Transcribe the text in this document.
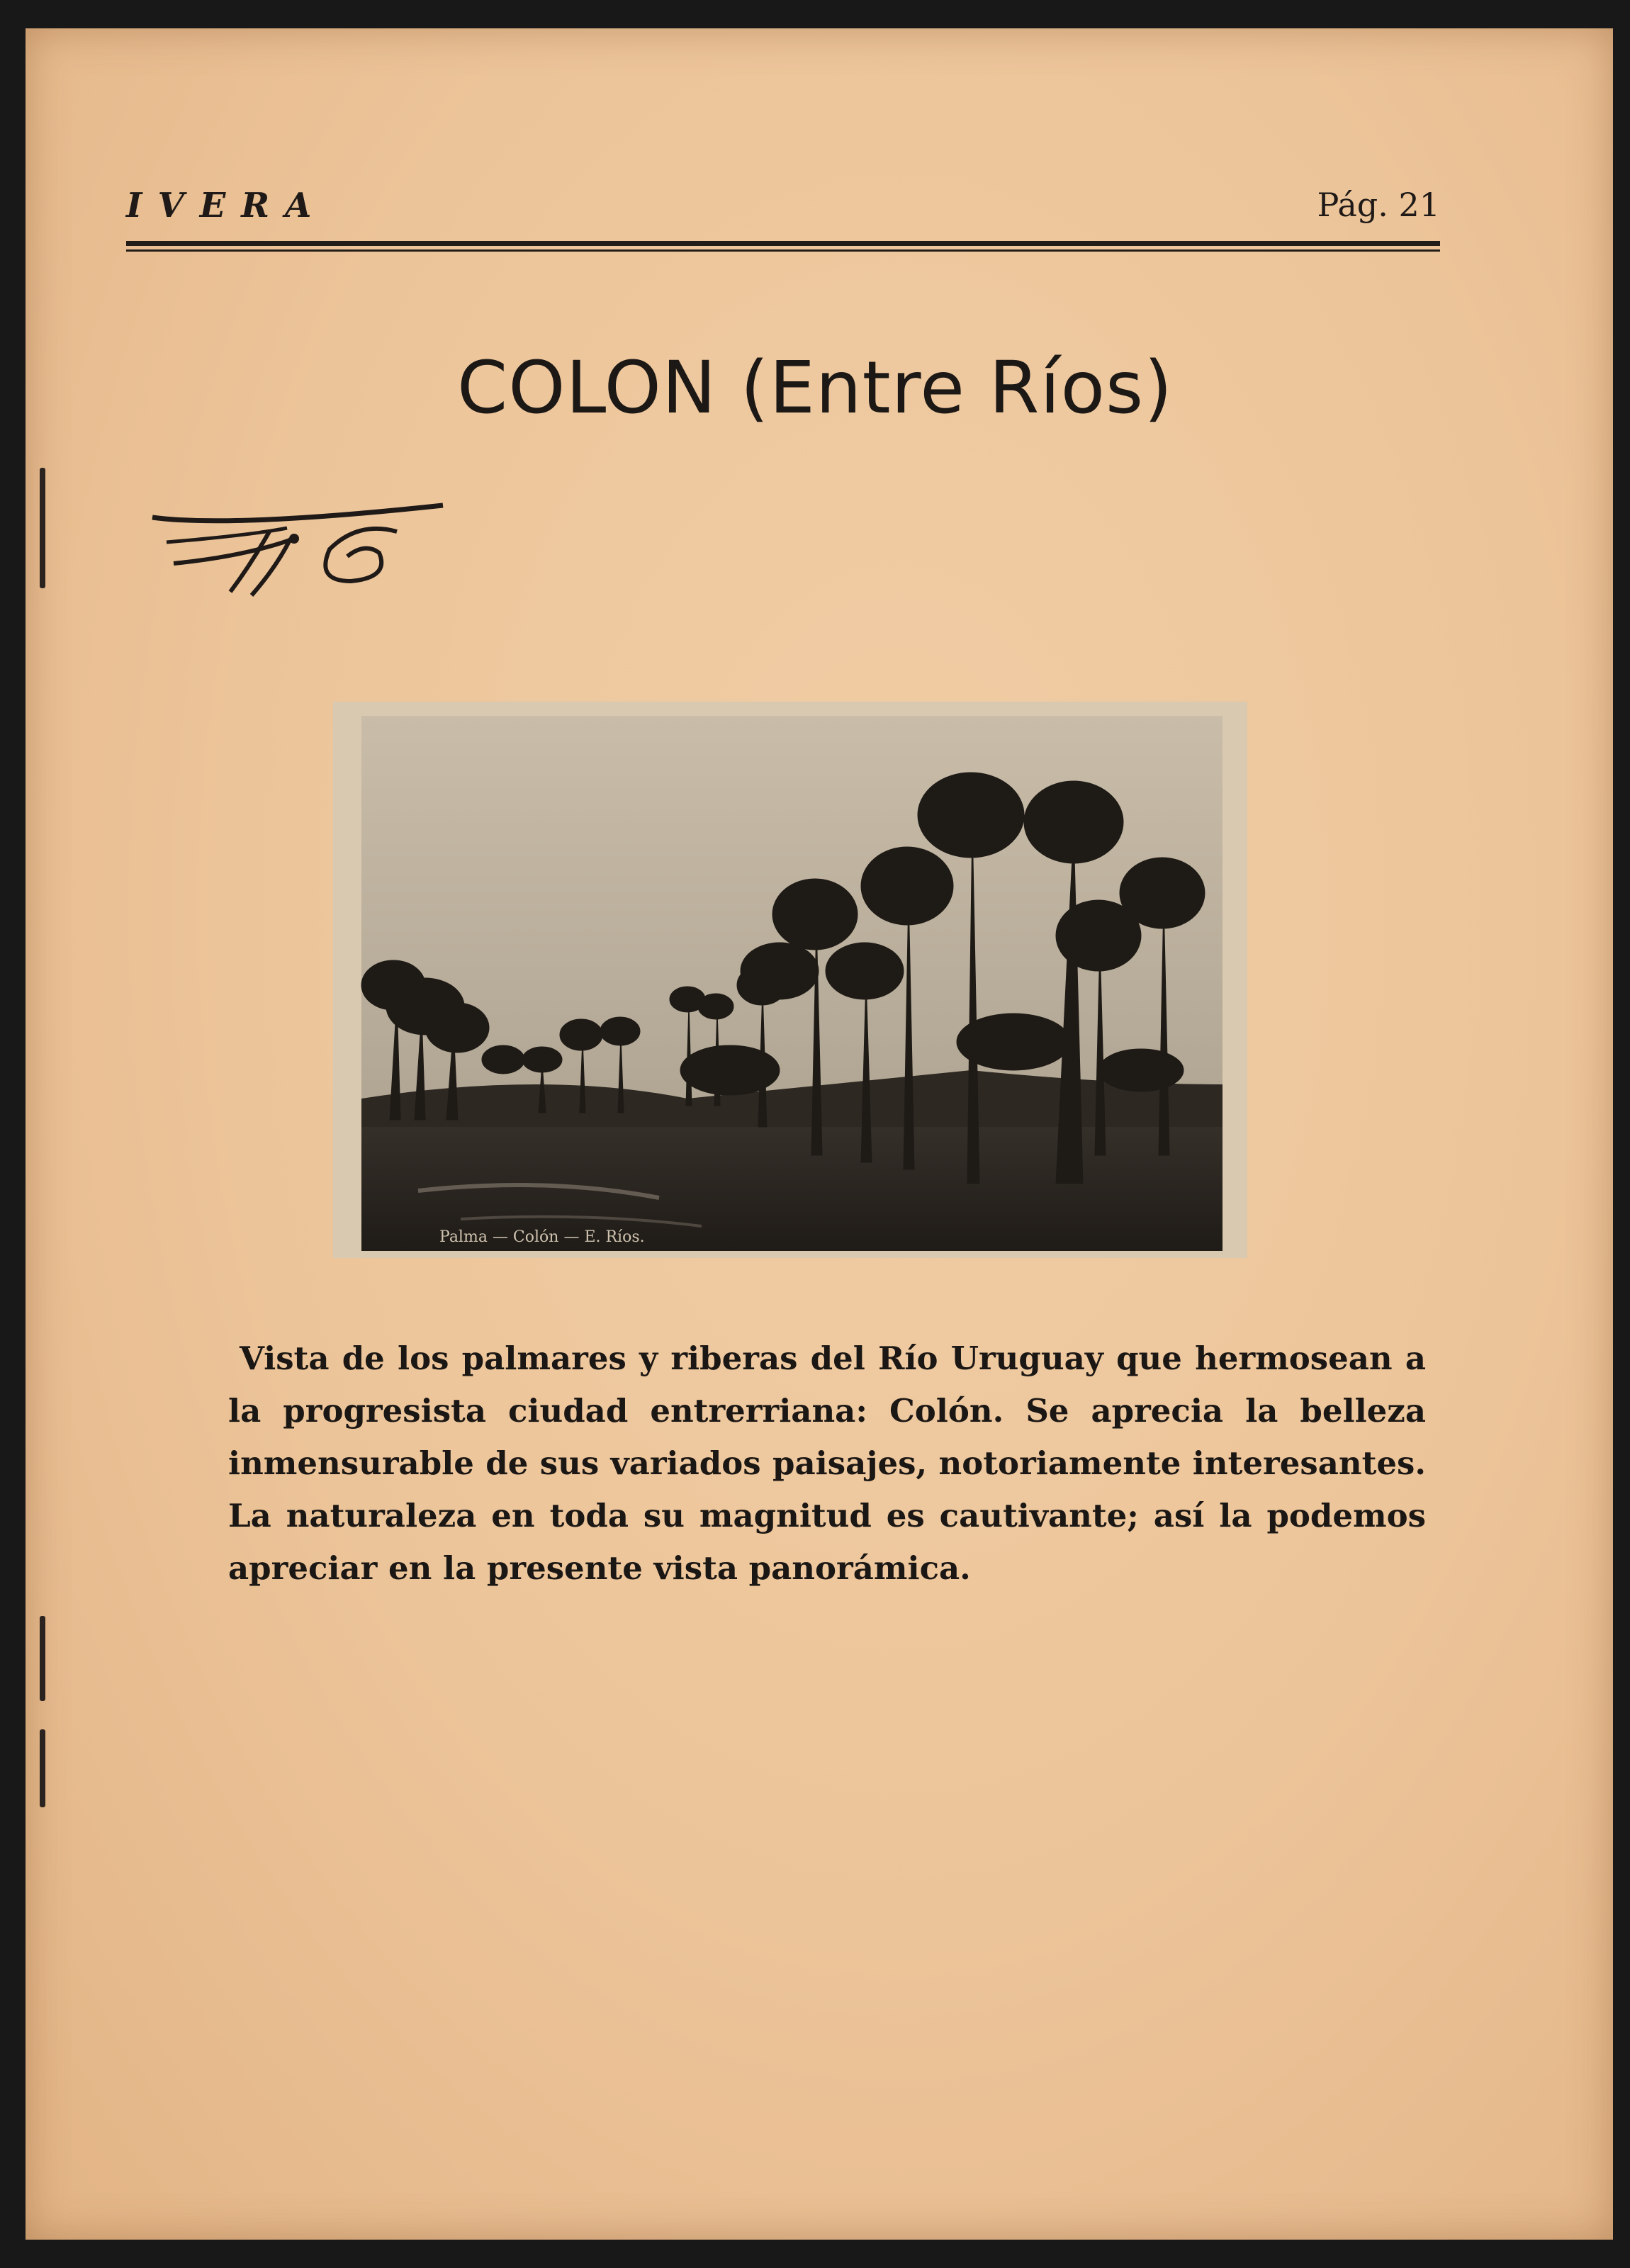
IVERA	Pág. 21
COLON (Entre Ríos)
Palma — Colón — E. Ríos.

Vista de los palmares y riberas del Río Uruguay que hermosean a la progresista ciudad entrerriana: Colón. Se aprecia la belleza inmensurable de sus variados paisajes, notoriamente interesantes. La naturaleza en toda su magnitud es cautivante; así la podemos apreciar en la presente vista panorámica.
